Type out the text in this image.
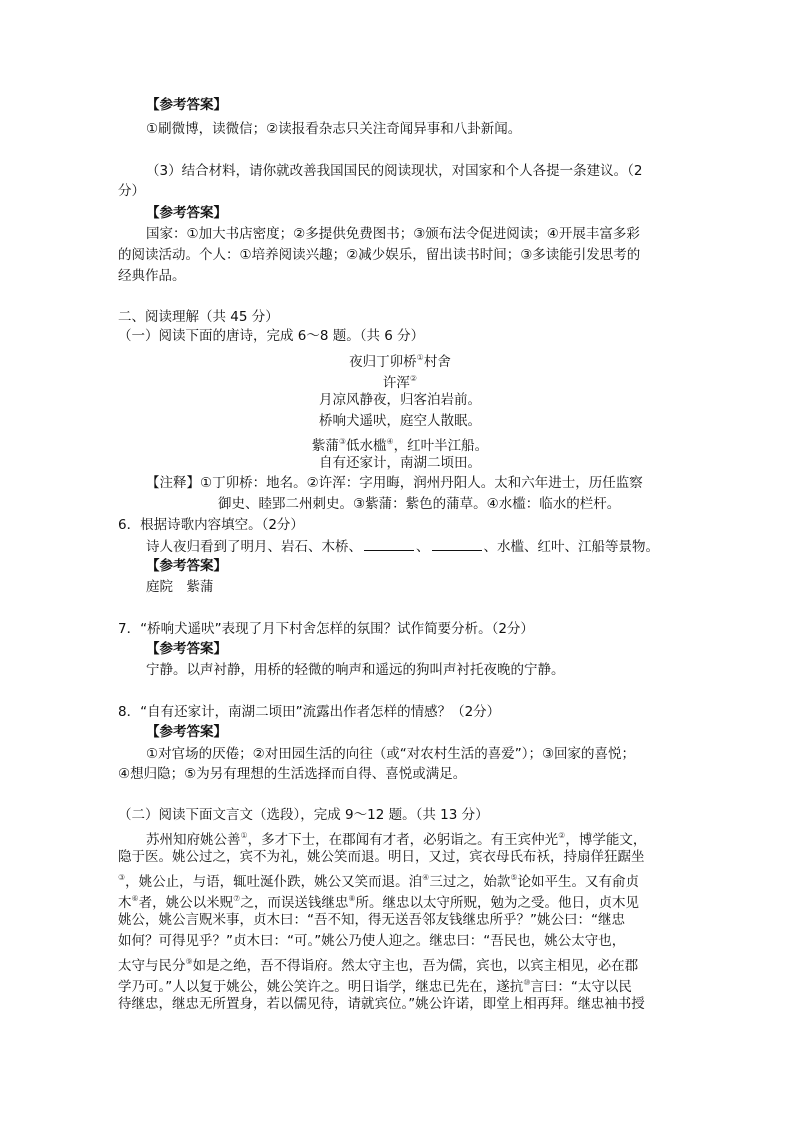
【参考答案】
①刷微博，读微信；②读报看杂志只关注奇闻异事和八卦新闻。
（3）结合材料，请你就改善我国国民的阅读现状，对国家和个人各提一条建议。（2
分）
【参考答案】
国家：①加大书店密度；②多提供免费图书；③颁布法令促进阅读；④开展丰富多彩
的阅读活动。个人：①培养阅读兴趣；②减少娱乐，留出读书时间；③多读能引发思考的
经典作品。
二、阅读理解（共 45 分）
（一）阅读下面的唐诗，完成 6～8 题。（共 6 分）
夜归丁卯桥①村舍
许浑②
月凉风静夜，归客泊岩前。
桥响犬遥吠，庭空人散眠。
紫蒲③低水槛④，红叶半江船。
自有还家计，南湖二顷田。
【注释】①丁卯桥：地名。②许浑：字用晦，润州丹阳人。太和六年进士，历任监察
御史、睦郢二州刺史。③紫蒲：紫色的蒲草。④水槛：临水的栏杆。
6．根据诗歌内容填空。（2分）
诗人夜归看到了明月、岩石、木桥、	、	、水槛、红叶、江船等景物。
【参考答案】
庭院　紫蒲
7．“桥响犬遥吠”表现了月下村舍怎样的氛围？试作简要分析。（2分）
【参考答案】
宁静。以声衬静，用桥的轻微的响声和遥远的狗叫声衬托夜晚的宁静。
8．“自有还家计，南湖二顷田”流露出作者怎样的情感？（2分）
【参考答案】
①对官场的厌倦；②对田园生活的向往（或“对农村生活的喜爱”）；③回家的喜悦；
④想归隐；⑤为另有理想的生活选择而自得、喜悦或满足。
（二）阅读下面文言文（选段），完成 9～12 题。（共 13 分）
苏州知府姚公善①，多才下士，在郡闻有才者，必躬诣之。有王宾仲光②，博学能文，
隐于医。姚公过之，宾不为礼，姚公笑而退。明日，又过，宾衣母氏布袄，持扇佯狂踞坐
③，姚公止，与语，辄吐涎仆跌，姚公又笑而退。洎④三过之，始款⑤论如平生。又有俞贞
木⑥者，姚公以米贶⑦之，而误送钱继忠⑧所。继忠以太守所贶，勉为之受。他日，贞木见
姚公，姚公言贶米事，贞木曰：“吾不知，得无送吾邻友钱继忠所乎？”姚公曰：“继忠
如何？可得见乎？”贞木曰：“可。”姚公乃使人迎之。继忠曰：“吾民也，姚公太守也，
太守与民分⑨如是之绝，吾不得诣府。然太守主也，吾为儒，宾也，以宾主相见，必在郡
学乃可。”人以复于姚公，姚公笑许之。明日诣学，继忠已先在，遂抗⑩言曰：“太守以民
待继忠，继忠无所置身，若以儒见待，请就宾位。”姚公许诺，即堂上相再拜。继忠袖书授
